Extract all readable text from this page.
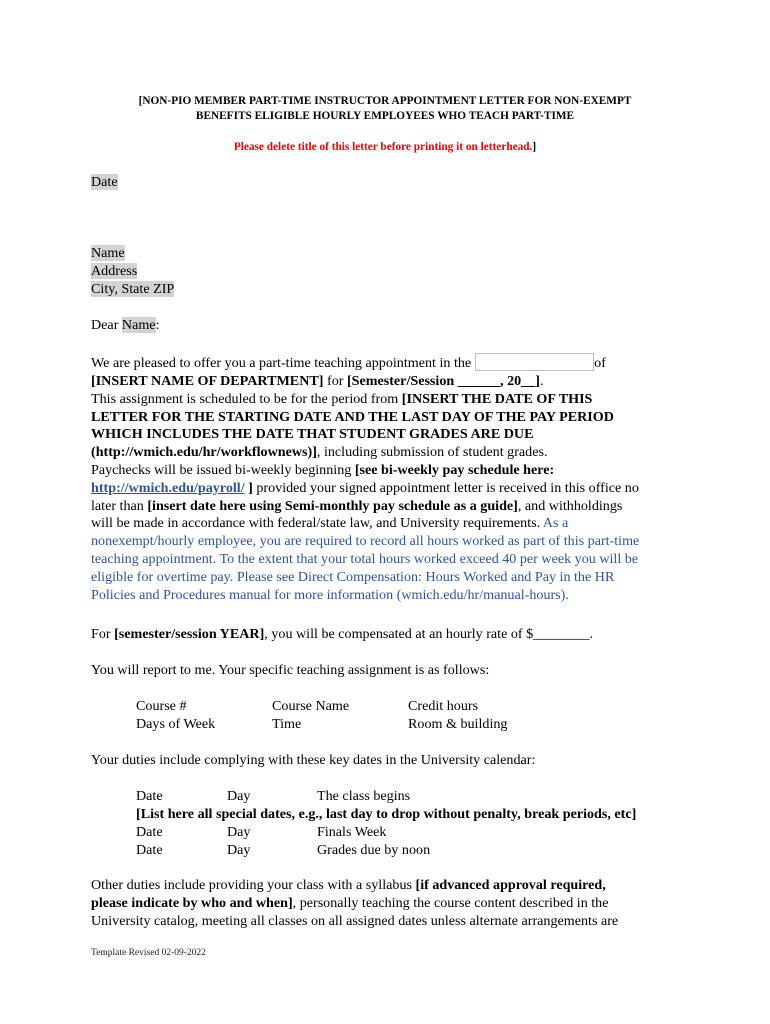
[NON-PIO MEMBER PART-TIME INSTRUCTOR APPOINTMENT LETTER FOR NON-EXEMPT
BENEFITS ELIGIBLE HOURLY EMPLOYEES WHO TEACH PART-TIME
Please delete title of this letter before printing it on letterhead.]
Date
Name
Address
City, State ZIP
Dear Name:
We are pleased to offer you a part-time teaching appointment in the	of
[INSERT NAME OF DEPARTMENT] for [Semester/Session ______, 20__].
This assignment is scheduled to be for the period from [INSERT THE DATE OF THIS
LETTER FOR THE STARTING DATE AND THE LAST DAY OF THE PAY PERIOD
WHICH INCLUDES THE DATE THAT STUDENT GRADES ARE DUE
(http://wmich.edu/hr/workflownews)], including submission of student grades.
Paychecks will be issued bi-weekly beginning [see bi-weekly pay schedule here:
http://wmich.edu/payroll/ ] provided your signed appointment letter is received in this office no
later than [insert date here using Semi-monthly pay schedule as a guide], and withholdings
will be made in accordance with federal/state law, and University requirements. As a
nonexempt/hourly employee, you are required to record all hours worked as part of this part-time
teaching appointment. To the extent that your total hours worked exceed 40 per week you will be
eligible for overtime pay. Please see Direct Compensation: Hours Worked and Pay in the HR
Policies and Procedures manual for more information (wmich.edu/hr/manual-hours).
For [semester/session YEAR], you will be compensated at an hourly rate of $________.
You will report to me. Your specific teaching assignment is as follows:
Course #	Course Name	Credit hours
Days of Week	Time	Room & building
Your duties include complying with these key dates in the University calendar:
Date	Day	The class begins
[List here all special dates, e.g., last day to drop without penalty, break periods, etc]
Date	Day	Finals Week
Date	Day	Grades due by noon
Other duties include providing your class with a syllabus [if advanced approval required,
please indicate by who and when], personally teaching the course content described in the
University catalog, meeting all classes on all assigned dates unless alternate arrangements are
Template Revised 02-09-2022
